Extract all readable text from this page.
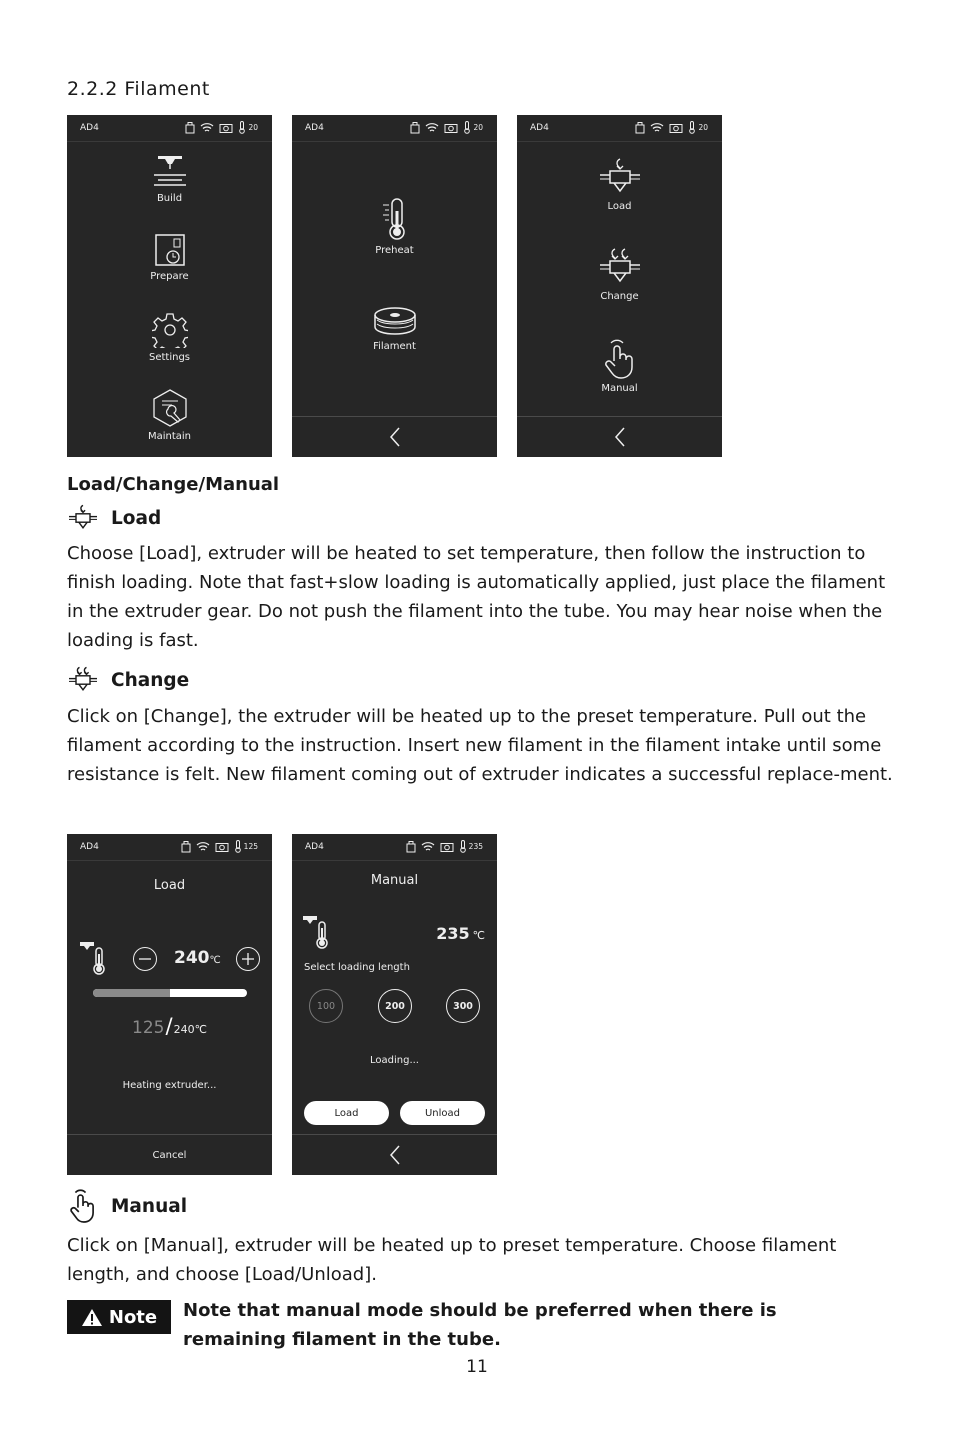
2.2.2 Filament
AD4	20
Build
Prepare
Settings
Maintain
AD4	20
Preheat
Filament
AD4	20
Load
Change
Manual
Load/Change/Manual
Load
Choose [Load], extruder will be heated to set temperature, then follow the instruction to finish loading. Note that fast+slow loading is automatically applied, just place the filament in the extruder gear. Do not push the filament into the tube. You may hear noise when the loading is fast.
Change
Click on [Change], the extruder will be heated up to the preset temperature. Pull out the filament according to the instruction. Insert new filament in the filament intake until some resistance is felt. New filament coming out of extruder indicates a successful replace-ment.
AD4	125
Load
240 ℃
125 / 240℃
Heating extruder...
Cancel
AD4	235
Manual
235 ℃
Select loading length
100	200	300
Loading...
Load	Unload
Manual
Click on [Manual], extruder will be heated up to preset temperature. Choose filament length, and choose [Load/Unload].
Note Note that manual mode should be preferred when there is remaining filament in the tube.
11
